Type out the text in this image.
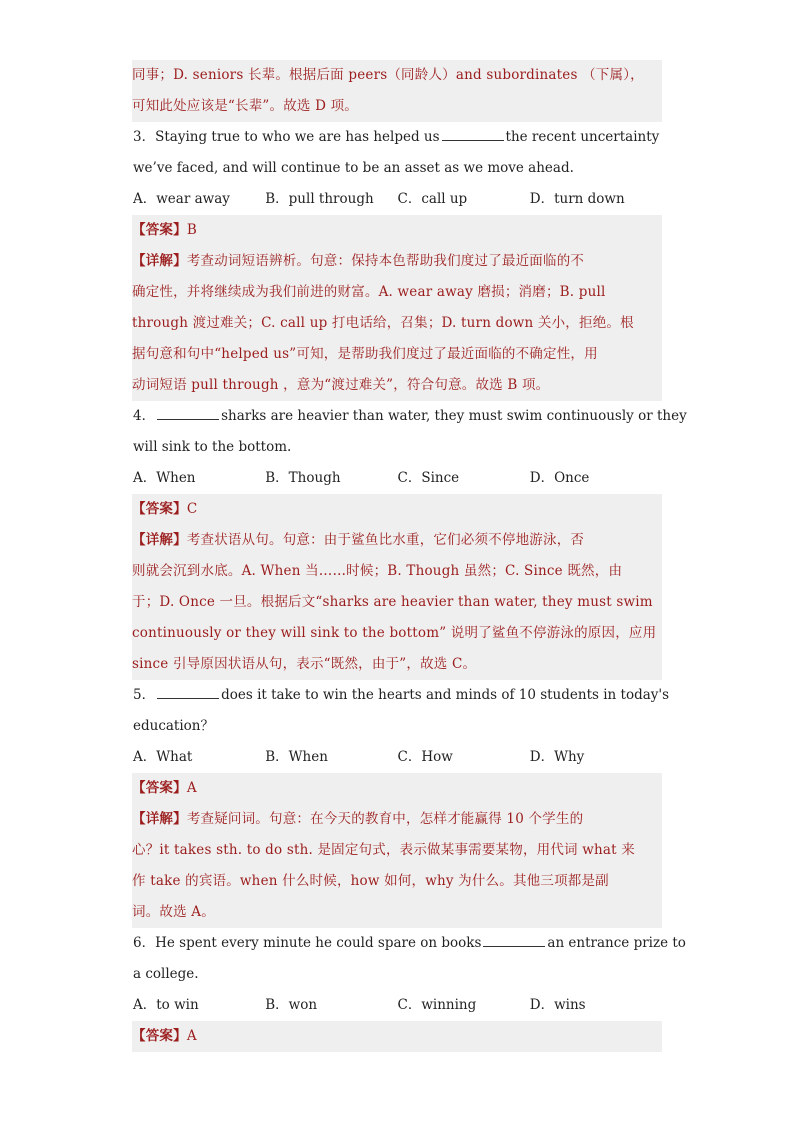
同事；D. seniors 长辈。根据后面 peers（同龄人）and subordinates （下属），
可知此处应该是“长辈”。故选 D 项。
3．Staying true to who we are has helped us	the recent uncertainty
we’ve faced, and will continue to be an asset as we move ahead.
A．wear away	B．pull through	C．call up	D．turn down
【答案】B
【详解】考查动词短语辨析。句意：保持本色帮助我们度过了最近面临的不
确定性，并将继续成为我们前进的财富。A. wear away 磨损；消磨；B. pull
through 渡过难关；C. call up 打电话给，召集；D. turn down 关小，拒绝。根
据句意和句中“helped us”可知，是帮助我们度过了最近面临的不确定性，用
动词短语 pull through ，意为“渡过难关”，符合句意。故选 B 项。
4．	sharks are heavier than water, they must swim continuously or they
will sink to the bottom.
A．When	B．Though	C．Since	D．Once
【答案】C
【详解】考查状语从句。句意：由于鲨鱼比水重，它们必须不停地游泳，否
则就会沉到水底。A. When 当……时候；B. Though 虽然；C. Since 既然，由
于；D. Once 一旦。根据后文“sharks are heavier than water, they must swim
continuously or they will sink to the bottom” 说明了鲨鱼不停游泳的原因，应用
since 引导原因状语从句，表示“既然，由于”，故选 C。
5．	does it take to win the hearts and minds of 10 students in today's
education？
A．What	B．When	C．How	D．Why
【答案】A
【详解】考查疑问词。句意：在今天的教育中，怎样才能赢得 10 个学生的
心？it takes sth. to do sth. 是固定句式，表示做某事需要某物，用代词 what 来
作 take 的宾语。when 什么时候，how 如何，why 为什么。其他三项都是副
词。故选 A。
6．He spent every minute he could spare on books	an entrance prize to
a college.
A．to win	B．won	C．winning	D．wins
【答案】A
